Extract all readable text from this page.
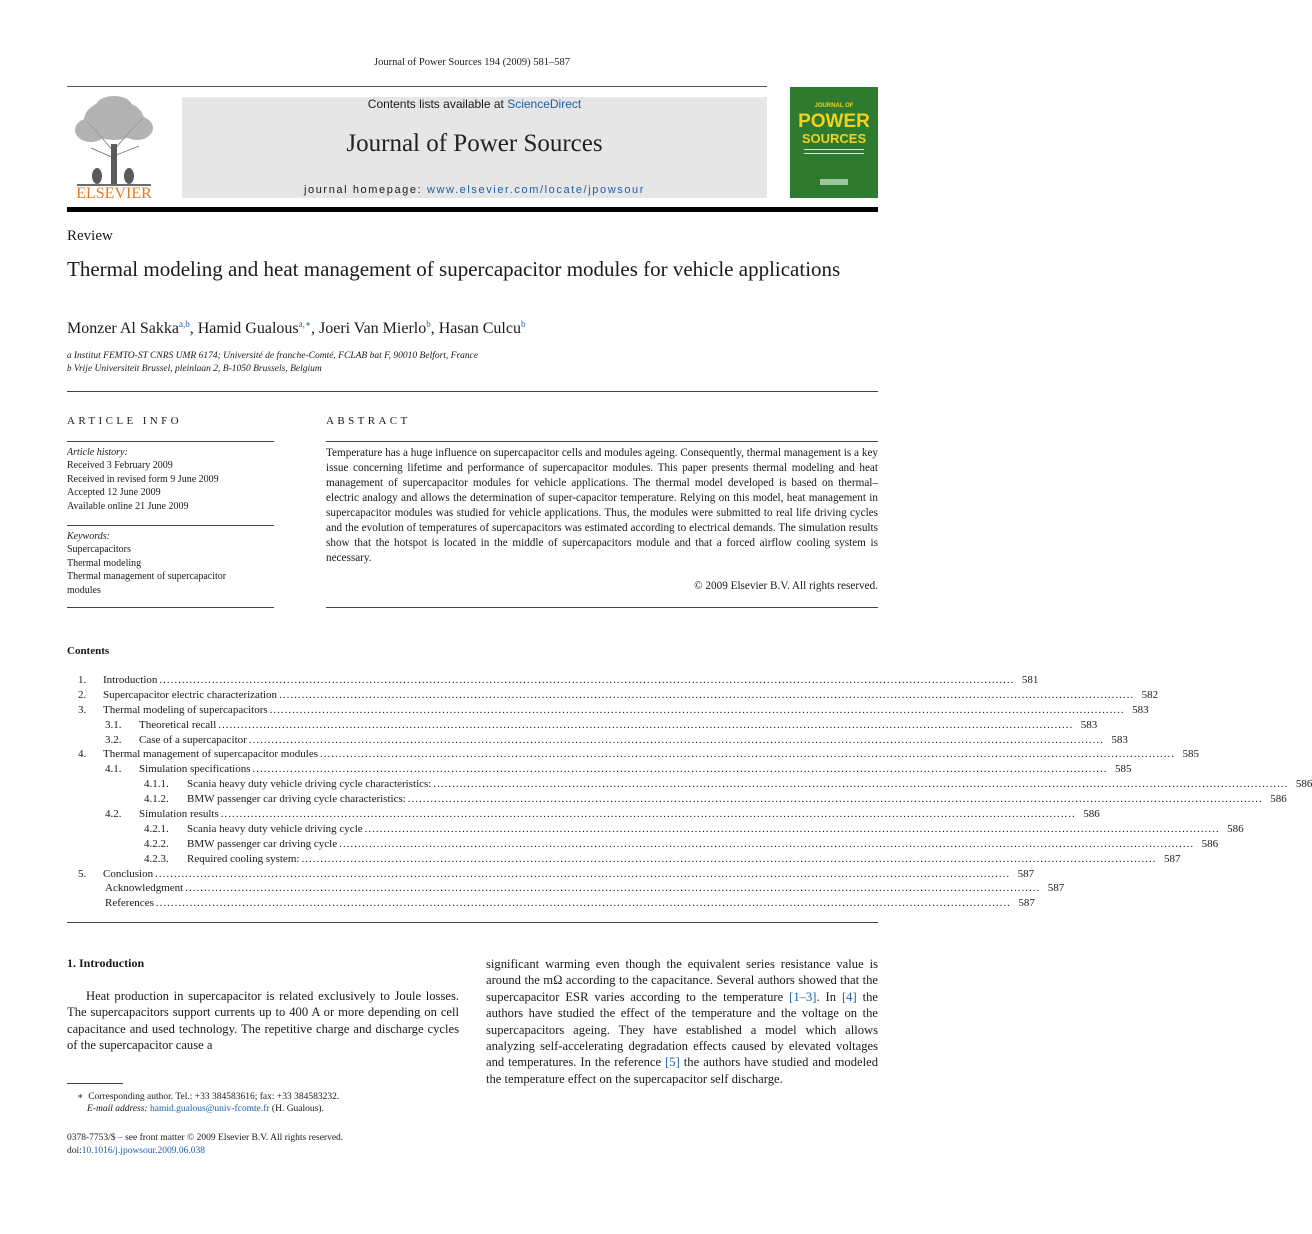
Journal of Power Sources 194 (2009) 581–587
ELSEVIER
Contents lists available at ScienceDirect
Journal of Power Sources
journal homepage: www.elsevier.com/locate/jpowsour
JOURNAL OF
POWER
SOURCES
Review
Thermal modeling and heat management of supercapacitor modules for vehicle applications
Monzer Al Sakka$^{a,b}$, Hamid Gualous$^{a,∗}$, Joeri Van Mierlo$^b$, Hasan Culcu$^b$
$^a$ Institut FEMTO-ST CNRS UMR 6174; Université de franche-Comté, FCLAB bat F, 90010 Belfort, France
$^b$ Vrije Universiteit Brussel, pleinlaan 2, B-1050 Brussels, Belgium
ARTICLE INFO
Article history:
Received 3 February 2009
Received in revised form 9 June 2009
Accepted 12 June 2009
Available online 21 June 2009
Keywords:
Supercapacitors
Thermal modeling
Thermal management of supercapacitor
modules
ABSTRACT
Temperature has a huge influence on supercapacitor cells and modules ageing. Consequently, thermal management is a key issue concerning lifetime and performance of supercapacitor modules. This paper presents thermal modeling and heat management of supercapacitor modules for vehicle applications. The thermal model developed is based on thermal–electric analogy and allows the determination of super-capacitor temperature. Relying on this model, heat management in supercapacitor modules was studied for vehicle applications. Thus, the modules were submitted to real life driving cycles and the evolution of temperatures of supercapacitors was estimated according to electrical demands. The simulation results show that the hotspot is located in the middle of supercapacitors module and that a forced airflow cooling system is necessary.
© 2009 Elsevier B.V. All rights reserved.
Contents
1.	Introduction .................................................................................................................................................................................................................................... 581
2.	Supercapacitor electric characterization .................................................................................................................................................................................................................................... 582
3.	Thermal modeling of supercapacitors .................................................................................................................................................................................................................................... 583
3.1.	Theoretical recall .................................................................................................................................................................................................................................... 583
3.2.	Case of a supercapacitor .................................................................................................................................................................................................................................... 583
4.	Thermal management of supercapacitor modules .................................................................................................................................................................................................................................... 585
4.1.	Simulation specifications .................................................................................................................................................................................................................................... 585
4.1.1.	Scania heavy duty vehicle driving cycle characteristics: .................................................................................................................................................................................................................................... 586
4.1.2.	BMW passenger car driving cycle characteristics: .................................................................................................................................................................................................................................... 586
4.2.	Simulation results .................................................................................................................................................................................................................................... 586
4.2.1.	Scania heavy duty vehicle driving cycle .................................................................................................................................................................................................................................... 586
4.2.2.	BMW passenger car driving cycle .................................................................................................................................................................................................................................... 586
4.2.3.	Required cooling system: .................................................................................................................................................................................................................................... 587
5.	Conclusion .................................................................................................................................................................................................................................... 587
Acknowledgment .................................................................................................................................................................................................................................... 587
References .................................................................................................................................................................................................................................... 587
1. Introduction
Heat production in supercapacitor is related exclusively to Joule losses. The supercapacitors support currents up to 400 A or more depending on cell capacitance and used technology. The repetitive charge and discharge cycles of the supercapacitor cause a
significant warming even though the equivalent series resistance value is around the mΩ according to the capacitance. Several authors showed that the supercapacitor ESR varies according to the temperature [1–3]. In [4] the authors have studied the effect of the temperature and the voltage on the supercapacitors ageing. They have established a model which allows analyzing self-accelerating degradation effects caused by elevated voltages and temperatures. In the reference [5] the authors have studied and modeled the temperature effect on the supercapacitor self discharge.
∗ Corresponding author. Tel.: +33 384583616; fax: +33 384583232.
E-mail address: hamid.gualous@univ-fcomte.fr (H. Gualous).
0378-7753/$ – see front matter © 2009 Elsevier B.V. All rights reserved.
doi:10.1016/j.jpowsour.2009.06.038
